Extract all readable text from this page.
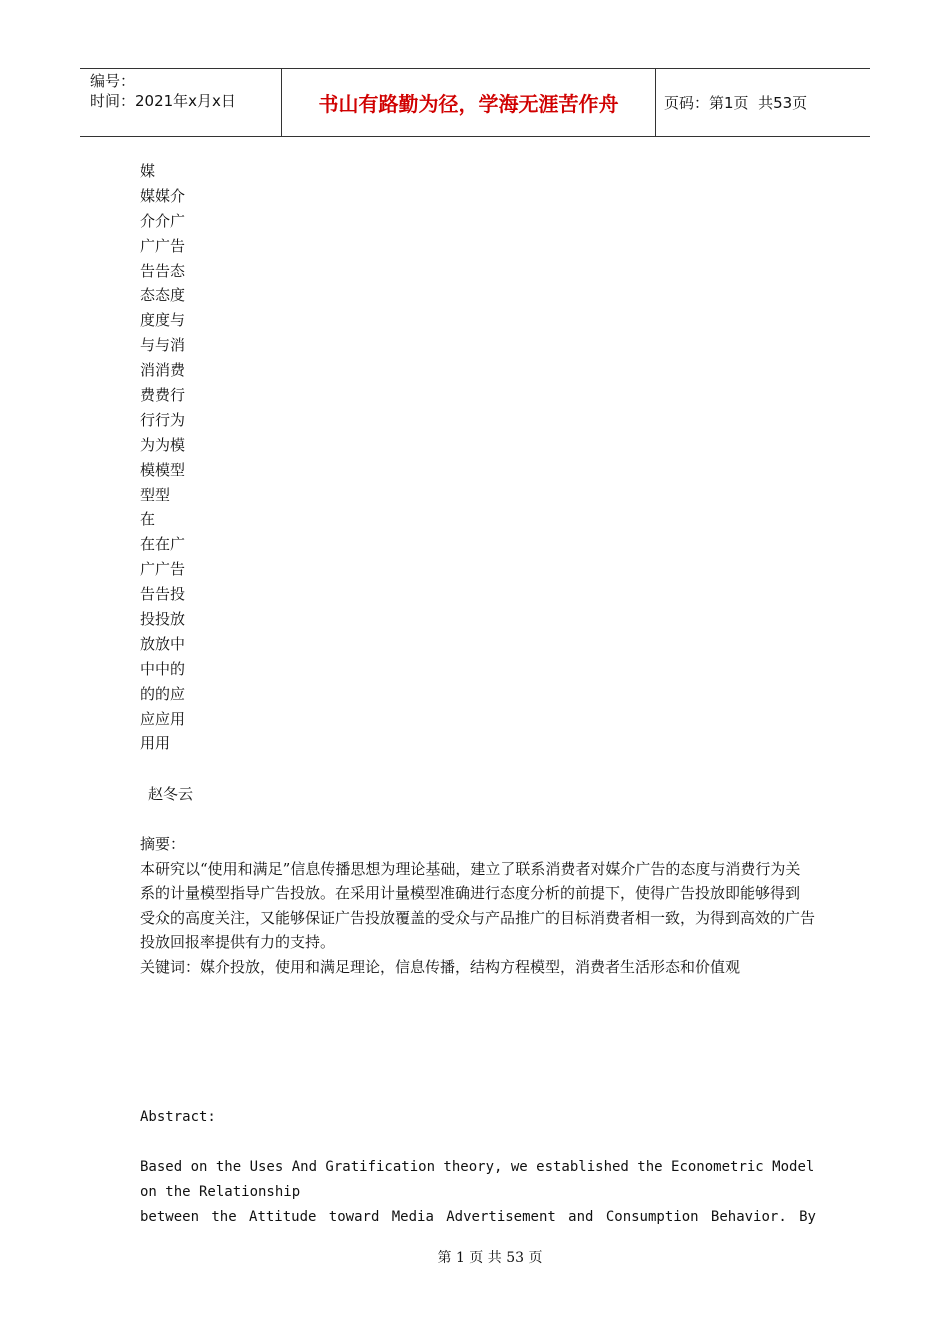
编号：
时间：2021年x月x日	书山有路勤为径，学海无涯苦作舟	页码：第1页  共53页
媒
媒媒介
介介广
广广告
告告态
态态度
度度与
与与消
消消费
费费行
行行为
为为模
模模型
型型
在
在在广
广广告
告告投
投投放
放放中
中中的
的的应
应应用
用用
赵冬云
摘要：
本研究以“使用和满足”信息传播思想为理论基础，建立了联系消费者对媒介广告的态度与消费行为关
系的计量模型指导广告投放。在采用计量模型准确进行态度分析的前提下，使得广告投放即能够得到
受众的高度关注，又能够保证广告投放覆盖的受众与产品推广的目标消费者相一致，为得到高效的广告
投放回报率提供有力的支持。
关键词：媒介投放，使用和满足理论，信息传播，结构方程模型，消费者生活形态和价值观
Abstract:
Based on the Uses And Gratification theory, we established the Econometric Model on the Relationship
between the Attitude toward Media Advertisement and Consumption Behavior. By
第 1 页 共 53 页
